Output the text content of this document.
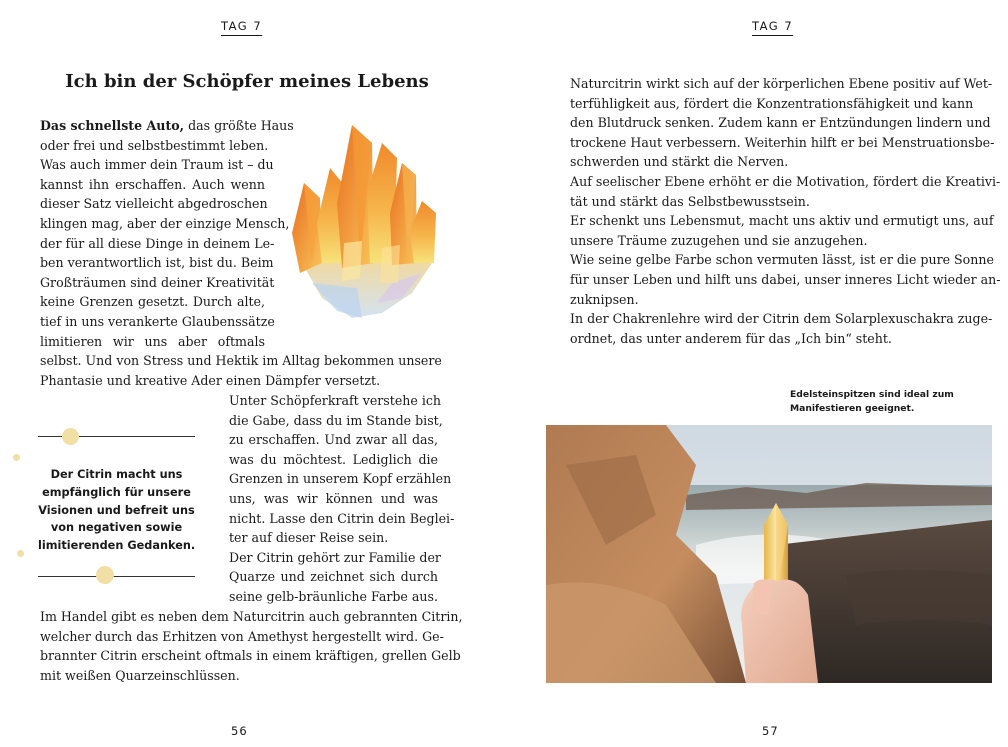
TAG 7
Ich bin der Schöpfer meines Lebens
Das schnellste Auto, das größte Haus
oder frei und selbstbestimmt leben.
Was auch immer dein Traum ist – du
kannst ihn erschaffen. Auch wenn
dieser Satz vielleicht abgedroschen
klingen mag, aber der einzige Mensch,
der für all diese Dinge in deinem Le-
ben verantwortlich ist, bist du. Beim
Großträumen sind deiner Kreativität
keine Grenzen gesetzt. Durch alte,
tief in uns verankerte Glaubenssätze
limitieren wir uns aber oftmals
selbst. Und von Stress und Hektik im Alltag bekommen unsere
Phantasie und kreative Ader einen Dämpfer versetzt.
Der Citrin macht uns
empfänglich für unsere
Visionen und befreit uns
von negativen sowie
limitierenden Gedanken.
Unter Schöpferkraft verstehe ich
die Gabe, dass du im Stande bist,
zu erschaffen. Und zwar all das,
was du möchtest. Lediglich die
Grenzen in unserem Kopf erzählen
uns, was wir können und was
nicht. Lasse den Citrin dein Beglei-
ter auf dieser Reise sein.
Der Citrin gehört zur Familie der
Quarze und zeichnet sich durch
seine gelb-bräunliche Farbe aus.
Im Handel gibt es neben dem Naturcitrin auch gebrannten Citrin,
welcher durch das Erhitzen von Amethyst hergestellt wird. Ge-
brannter Citrin erscheint oftmals in einem kräftigen, grellen Gelb
mit weißen Quarzeinschlüssen.
56
TAG 7
Naturcitrin wirkt sich auf der körperlichen Ebene positiv auf Wet-
terfühligkeit aus, fördert die Konzentrationsfähigkeit und kann
den Blutdruck senken. Zudem kann er Entzündungen lindern und
trockene Haut verbessern. Weiterhin hilft er bei Menstruationsbe-
schwerden und stärkt die Nerven.
Auf seelischer Ebene erhöht er die Motivation, fördert die Kreativi-
tät und stärkt das Selbstbewusstsein.
Er schenkt uns Lebensmut, macht uns aktiv und ermutigt uns, auf
unsere Träume zuzugehen und sie anzugehen.
Wie seine gelbe Farbe schon vermuten lässt, ist er die pure Sonne
für unser Leben und hilft uns dabei, unser inneres Licht wieder an-
zuknipsen.
In der Chakrenlehre wird der Citrin dem Solarplexuschakra zuge-
ordnet, das unter anderem für das „Ich bin“ steht.
57
Edelsteinspitzen sind ideal zum
Manifestieren geeignet.
